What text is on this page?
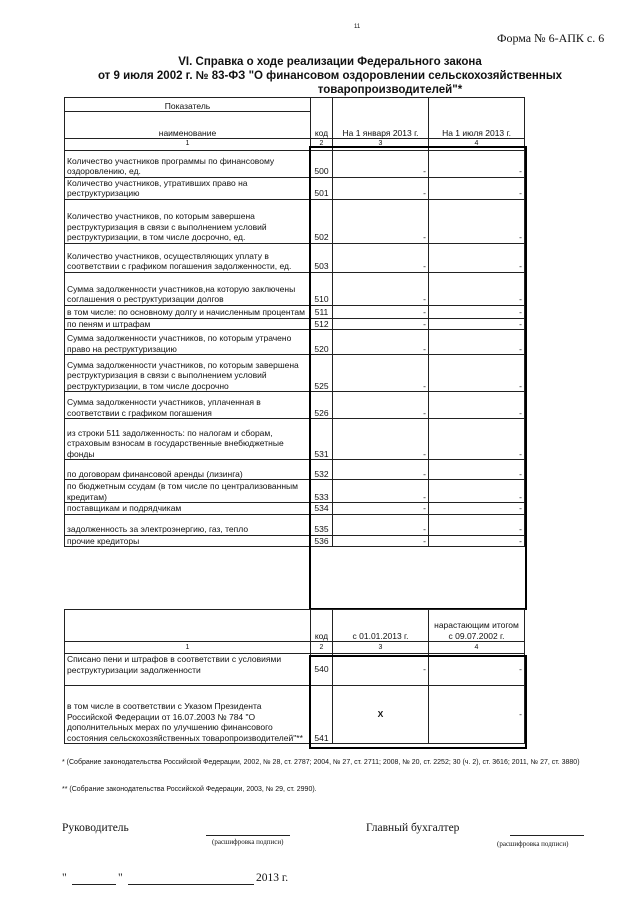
11
Форма № 6-АПК с. 6
VI. Справка о ходе реализации Федерального закона
от 9 июля 2002 г. № 83-ФЗ "О финансовом оздоровлении сельскохозяйственных
товаропроизводителей"*
Показатель	код	На 1 января 2013 г.	На 1 июля 2013 г.
наименование			
1	2	3	4
Количество участников программы по финансовому оздоровлению, ед.	500	-	-
Количество участников, утративших право на реструктуризацию	501	-	-
Количество участников, по которым завершена реструктуризация в связи с выполнением условий реструктуризации, в том числе досрочно, ед.	502	-	-
Количество участников, осуществляющих уплату в соответствии с графиком погашения задолженности, ед.	503	-	-
Сумма задолженности участников,на которую заключены соглашения о реструктуризации долгов	510	-	-
в том числе: по основному долгу и начисленным процентам	511	-	-
по пеням и штрафам	512	-	-
Сумма задолженности участников, по которым утрачено право на реструктуризацию	520	-	-
Сумма задолженности участников, по которым завершена реструктуризация в связи с выполнением условий реструктуризации, в том числе досрочно	525	-	-
Сумма задолженности участников, уплаченная в соответствии с графиком погашения	526	-	-
из строки 511 задолженность: по налогам и сборам, страховым взносам в государственные внебюджетные фонды	531	-	-
по договорам финансовой аренды (лизинга)	532	-	-
по бюджетным ссудам (в том числе по централизованным кредитам)	533	-	-
поставщикам и подрядчикам	534	-	-
задолженность за электроэнергию, газ, тепло	535	-	-
прочие кредиторы	536	-	-
	код	с 01.01.2013 г.	нарастающим итогом с 09.07.2002 г.
1	2	3	4
Списано пени и штрафов в соответствии с условиями реструктуризации задолженности	540	-	-
в том числе в соответствии с Указом Президента Российской Федерации от 16.07.2003 № 784 "О дополнительных мерах по улучшению финансового состояния сельскохозяйственных товаропроизводителей"**	541	X	-
* (Собрание законодательства Российской Федерации, 2002, № 28, ст. 2787; 2004, № 27, ст. 2711; 2008, № 20, ст. 2252; 30 (ч. 2), ст. 3616; 2011, № 27, ст. 3880)
** (Собрание законодательства Российской Федерации, 2003, № 29, ст. 2990).
Руководитель
(расшифровка подписи)
Главный бухгалтер
(расшифровка подписи)
"	"	2013 г.
